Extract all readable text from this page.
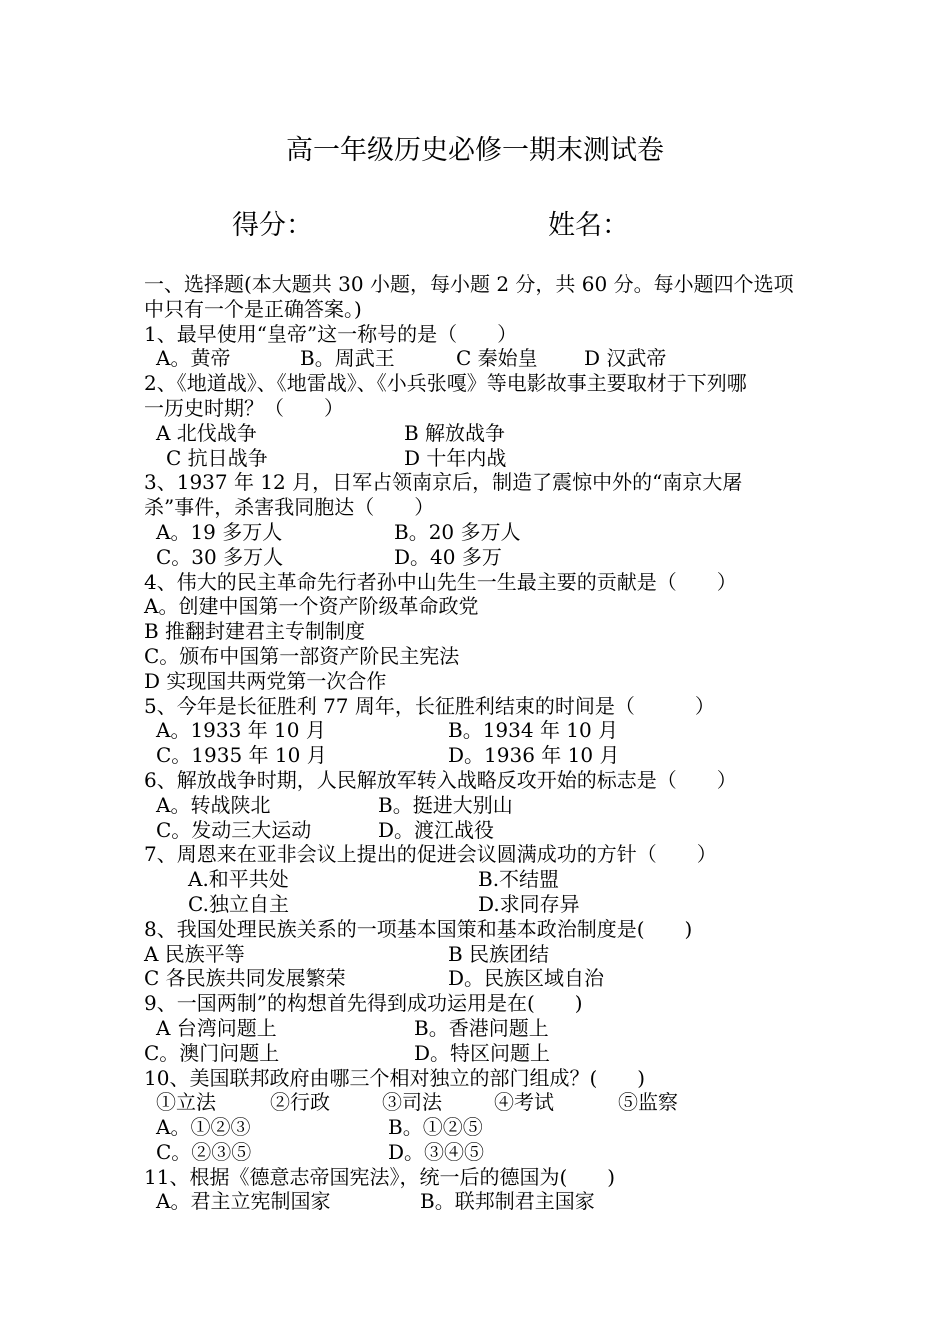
高一年级历史必修一期末测试卷
得分：	姓名：
一、选择题(本大题共 30 小题，每小题 2 分，共 60 分。每小题四个选项
中只有一个是正确答案。)
1、最早使用“皇帝”这一称号的是（　　）

A。黄帝

	B。周武王

	C 秦始皇

D 汉武帝

2、《地道战》、《地雷战》、《小兵张嘎》等电影故事主要取材于下列哪
一历史时期？（　　）

A 北伐战争

	B 解放战争

C 抗日战争

	D 十年内战

3、1937 年 12 月，日军占领南京后，制造了震惊中外的“南京大屠
杀”事件，杀害我同胞达（　　）

A。19 多万人

	B。20 多万人

C。30 多万人

	D。40 多万

4、伟大的民主革命先行者孙中山先生一生最主要的贡献是（　　）
A。创建中国第一个资产阶级革命政党
B 推翻封建君主专制制度
C。颁布中国第一部资产阶民主宪法
D 实现国共两党第一次合作
5、今年是长征胜利 77 周年，长征胜利结束的时间是（　　　）

A。1933 年 10 月

	B。1934 年 10 月

C。1935 年 10 月

	D。1936 年 10 月

6、解放战争时期，人民解放军转入战略反攻开始的标志是（　　）

A。转战陕北

	B。挺进大别山

C。发动三大运动

	D。渡江战役

7、周恩来在亚非会议上提出的促进会议圆满成功的方针（　　）

A.和平共处

	B.不结盟

C.独立自主

	D.求同存异

8、我国处理民族关系的一项基本国策和基本政治制度是(　　)

A 民族平等

	B 民族团结

C 各民族共同发展繁荣

	D。民族区域自治

9、一国两制”的构想首先得到成功运用是在(　　)

A 台湾问题上

	B。香港问题上

C。澳门问题上

	D。特区问题上

10、美国联邦政府由哪三个相对独立的部门组成？(　　)

①立法

	②行政

	③司法

	④考试

	⑤监察

A。①②③

	B。①②⑤

C。②③⑤

	D。③④⑤

11、根据《德意志帝国宪法》，统一后的德国为(　　)

A。君主立宪制国家

	B。联邦制君主国家
